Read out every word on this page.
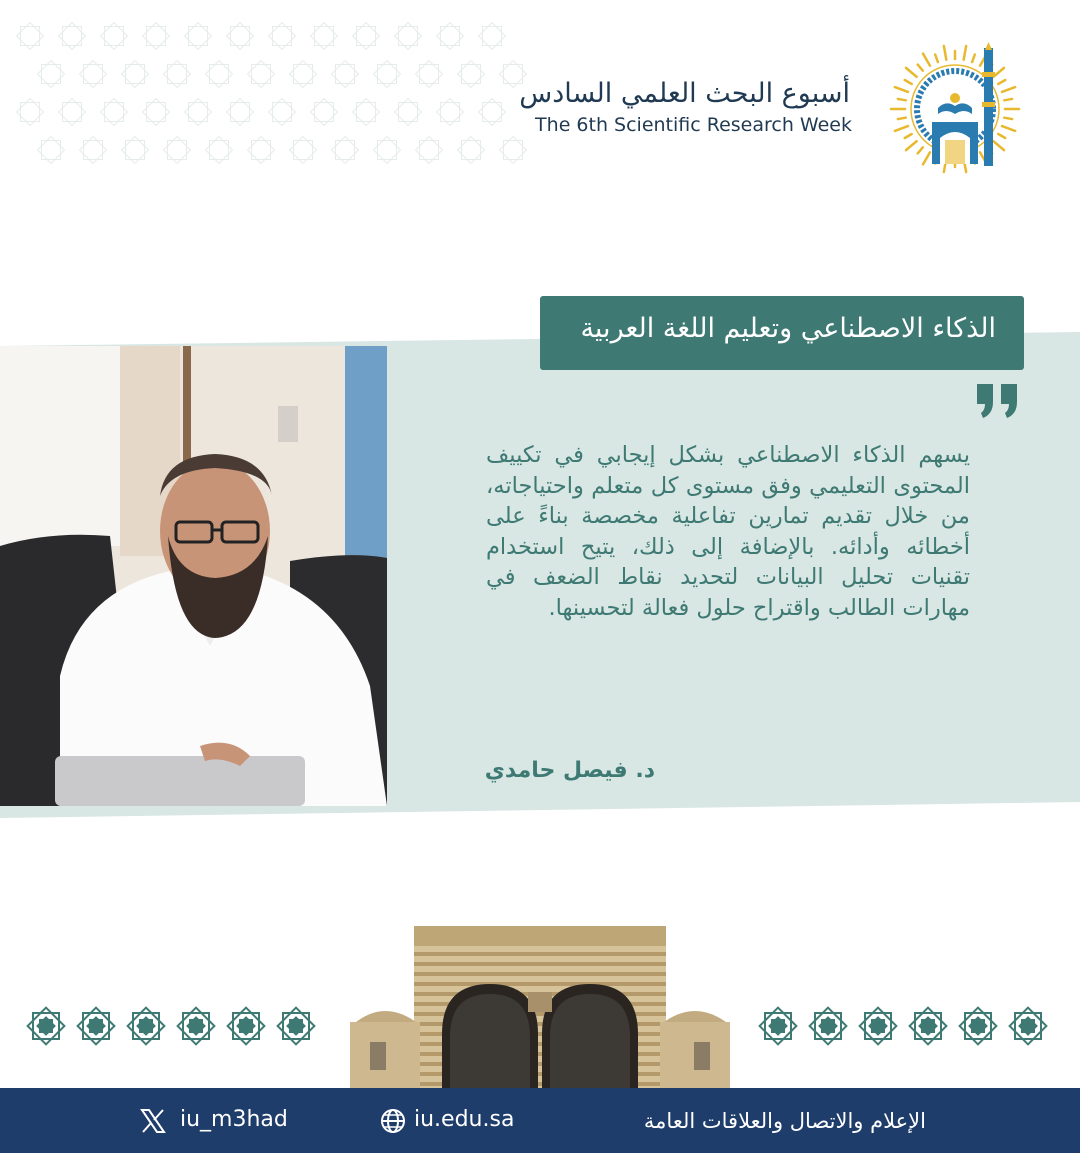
أسبوع البحث العلمي السادس
The 6th Scientific Research Week
الذكاء الاصطناعي وتعليم اللغة العربية
يسهم الذكاء الاصطناعي بشكل إيجابي في تكييف المحتوى التعليمي وفق مستوى كل متعلم واحتياجاته، من خلال تقديم تمارين تفاعلية مخصصة بناءً على أخطائه وأدائه. بالإضافة إلى ذلك، يتيح استخدام تقنيات تحليل البيانات لتحديد نقاط الضعف في مهارات الطالب واقتراح حلول فعالة لتحسينها.
د. فيصل حامدي
الإعلام والاتصال والعلاقات العامة
iu.edu.sa
iu_m3had
